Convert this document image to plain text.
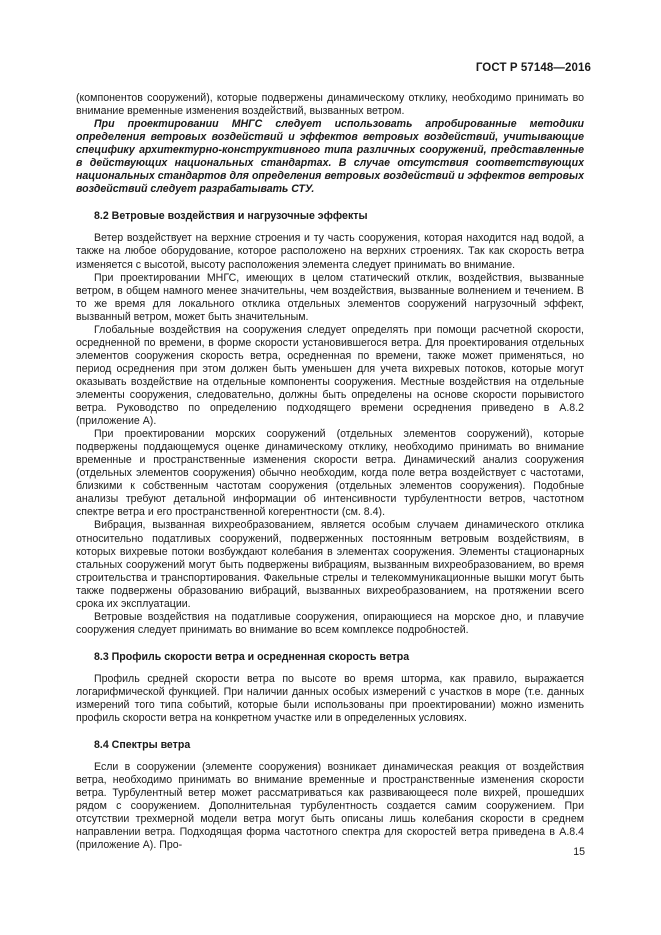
ГОСТ Р 57148—2016

(компонентов сооружений), которые подвержены динамическому отклику, необходимо принимать во внимание временные изменения воздействий, вызванных ветром.

При проектировании МНГС следует использовать апробированные методики определения ветровых воздействий и эффектов ветровых воздействий, учитывающие специфику архитектурно-конструктивного типа различных сооружений, представленные в действующих национальных стандартах. В случае отсутствия соответствующих национальных стандартов для определения ветровых воздействий и эффектов ветровых воздействий следует разрабатывать СТУ.

8.2 Ветровые воздействия и нагрузочные эффекты

Ветер воздействует на верхние строения и ту часть сооружения, которая находится над водой, а также на любое оборудование, которое расположено на верхних строениях. Так как скорость ветра изменяется с высотой, высоту расположения элемента следует принимать во внимание.

При проектировании МНГС, имеющих в целом статический отклик, воздействия, вызванные ветром, в общем намного менее значительны, чем воздействия, вызванные волнением и течением. В то же время для локального отклика отдельных элементов сооружений нагрузочный эффект, вызванный ветром, может быть значительным.

Глобальные воздействия на сооружения следует определять при помощи расчетной скорости, осредненной по времени, в форме скорости установившегося ветра. Для проектирования отдельных элементов сооружения скорость ветра, осредненная по времени, также может применяться, но период осреднения при этом должен быть уменьшен для учета вихревых потоков, которые могут оказывать воздействие на отдельные компоненты сооружения. Местные воздействия на отдельные элементы сооружения, следовательно, должны быть определены на основе скорости порывистого ветра. Руководство по определению подходящего времени осреднения приведено в А.8.2 (приложение А).

При проектировании морских сооружений (отдельных элементов сооружений), которые подвержены поддающемуся оценке динамическому отклику, необходимо принимать во внимание временные и пространственные изменения скорости ветра. Динамический анализ сооружения (отдельных элементов сооружения) обычно необходим, когда поле ветра воздействует с частотами, близкими к собственным частотам сооружения (отдельных элементов сооружения). Подобные анализы требуют детальной информации об интенсивности турбулентности ветров, частотном спектре ветра и его пространственной когерентности (см. 8.4).

Вибрация, вызванная вихреобразованием, является особым случаем динамического отклика относительно податливых сооружений, подверженных постоянным ветровым воздействиям, в которых вихревые потоки возбуждают колебания в элементах сооружения. Элементы стационарных стальных сооружений могут быть подвержены вибрациям, вызванным вихреобразованием, во время строительства и транспортирования. Факельные стрелы и телекоммуникационные вышки могут быть также подвержены образованию вибраций, вызванных вихреобразованием, на протяжении всего срока их эксплуатации.

Ветровые воздействия на податливые сооружения, опирающиеся на морское дно, и плавучие сооружения следует принимать во внимание во всем комплексе подробностей.

8.3 Профиль скорости ветра и осредненная скорость ветра

Профиль средней скорости ветра по высоте во время шторма, как правило, выражается логарифмической функцией. При наличии данных особых измерений с участков в море (т.е. данных измерений того типа событий, которые были использованы при проектировании) можно изменить профиль скорости ветра на конкретном участке или в определенных условиях.

8.4 Спектры ветра

Если в сооружении (элементе сооружения) возникает динамическая реакция от воздействия ветра, необходимо принимать во внимание временные и пространственные изменения скорости ветра. Турбулентный ветер может рассматриваться как развивающееся поле вихрей, прошедших рядом с сооружением. Дополнительная турбулентность создается самим сооружением. При отсутствии трехмерной модели ветра могут быть описаны лишь колебания скорости в среднем направлении ветра. Подходящая форма частотного спектра для скоростей ветра приведена в А.8.4 (приложение А). Про-

15
